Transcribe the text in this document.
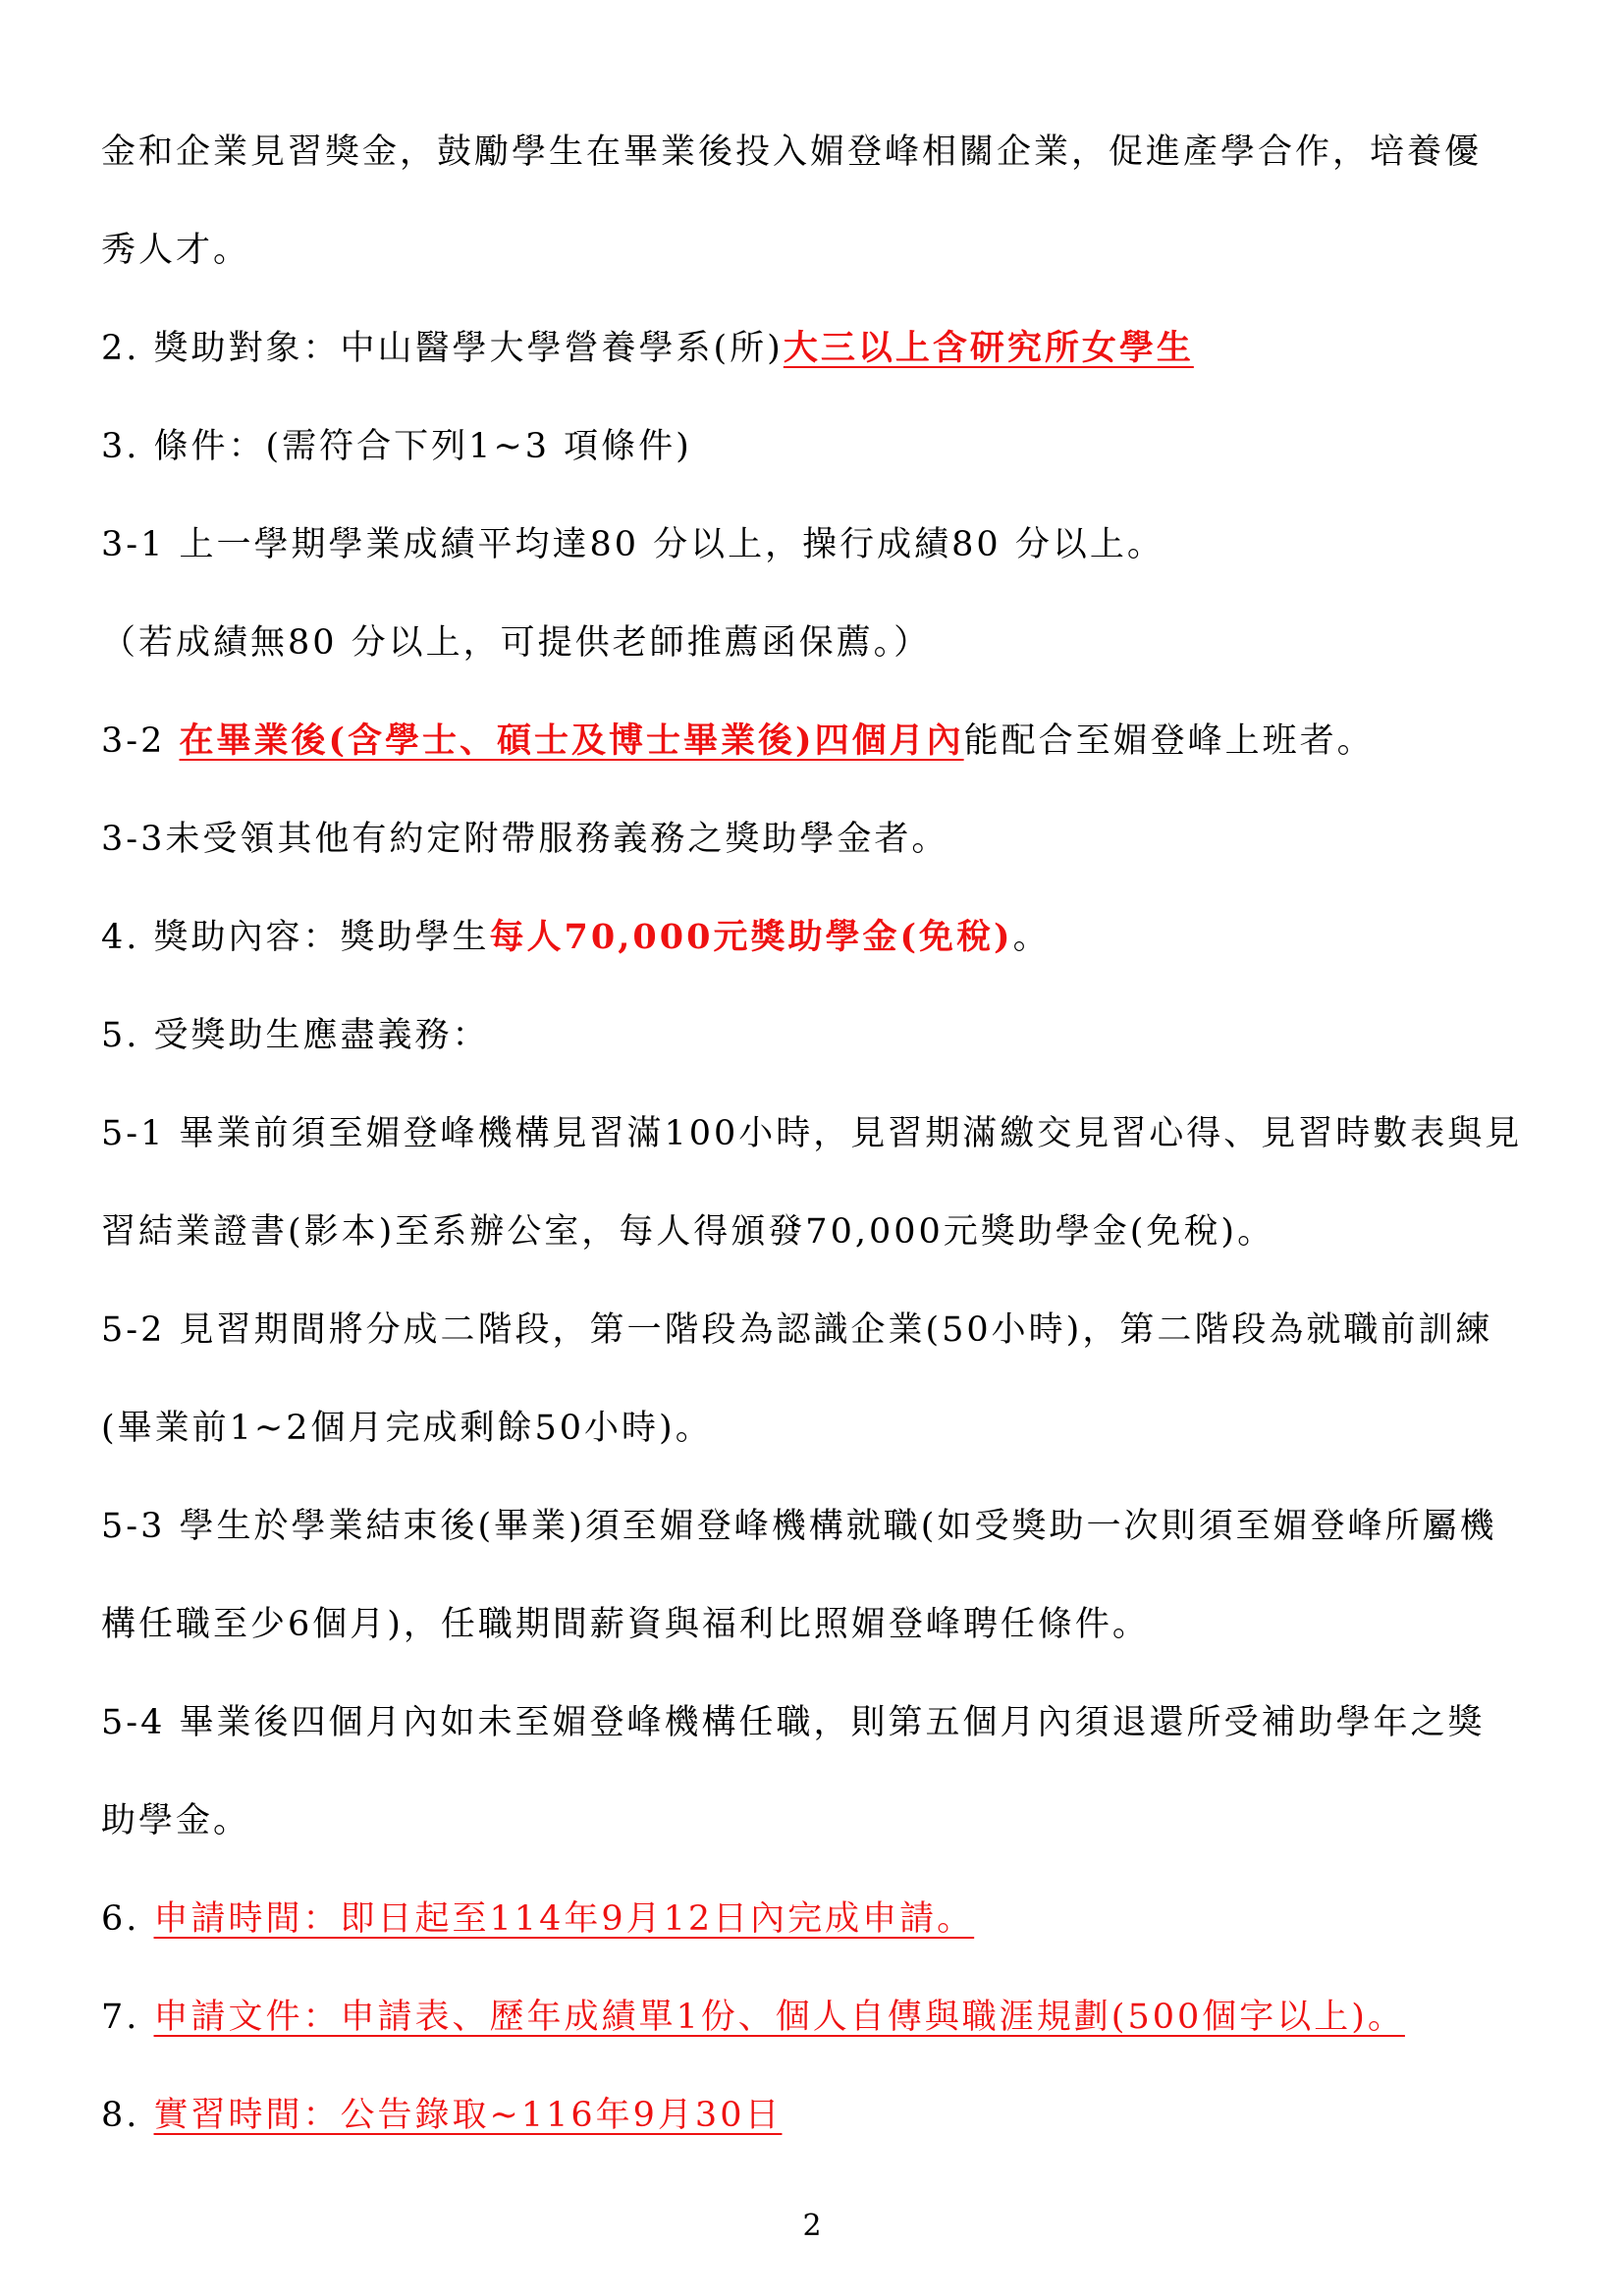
金和企業見習獎金，鼓勵學生在畢業後投入媚登峰相關企業，促進產學合作，培養優
秀人才。
2. 獎助對象：中山醫學大學營養學系(所)大三以上含研究所女學生
3. 條件：(需符合下列1~3 項條件)
3-1 上一學期學業成績平均達80 分以上，操行成績80 分以上。
（若成績無80 分以上，可提供老師推薦函保薦。）
3-2 在畢業後(含學士、碩士及博士畢業後)四個月內能配合至媚登峰上班者。
3-3未受領其他有約定附帶服務義務之獎助學金者。
4. 獎助內容：獎助學生每人70,000元獎助學金(免稅)。
5. 受獎助生應盡義務：
5-1 畢業前須至媚登峰機構見習滿100小時，見習期滿繳交見習心得、見習時數表與見
習結業證書(影本)至系辦公室，每人得頒發70,000元獎助學金(免稅)。
5-2 見習期間將分成二階段，第一階段為認識企業(50小時)，第二階段為就職前訓練
(畢業前1~2個月完成剩餘50小時)。
5-3 學生於學業結束後(畢業)須至媚登峰機構就職(如受獎助一次則須至媚登峰所屬機
構任職至少6個月)，任職期間薪資與福利比照媚登峰聘任條件。
5-4 畢業後四個月內如未至媚登峰機構任職，則第五個月內須退還所受補助學年之獎
助學金。
6. 申請時間：即日起至114年9月12日內完成申請。
7. 申請文件：申請表、歷年成績單1份、個人自傳與職涯規劃(500個字以上)。
8. 實習時間：公告錄取~116年9月30日
2
